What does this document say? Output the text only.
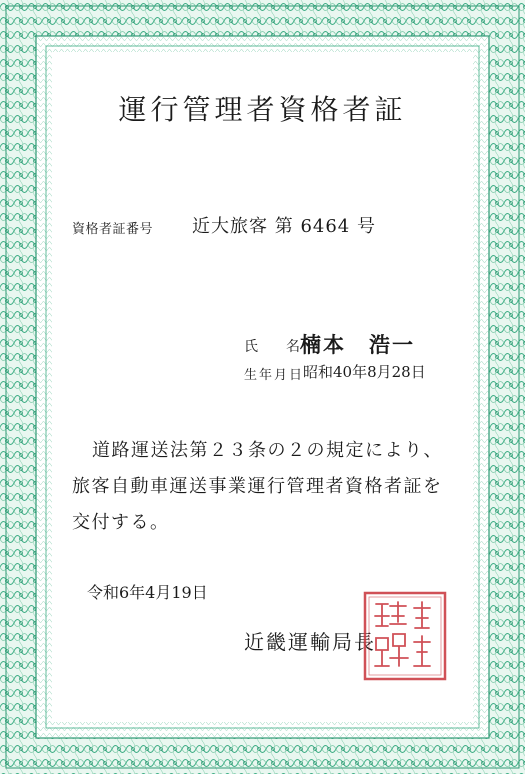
運行管理者資格者証
資格者証番号 近大旅客 第 6464 号
氏　　名 楠本　浩一
生年月日
昭和40年8月28日

道路運送法第２３条の２の規定により、

旅客自動車運送事業運行管理者資格者証を

交付する。

令和6年4月19日
近畿運輸局長
